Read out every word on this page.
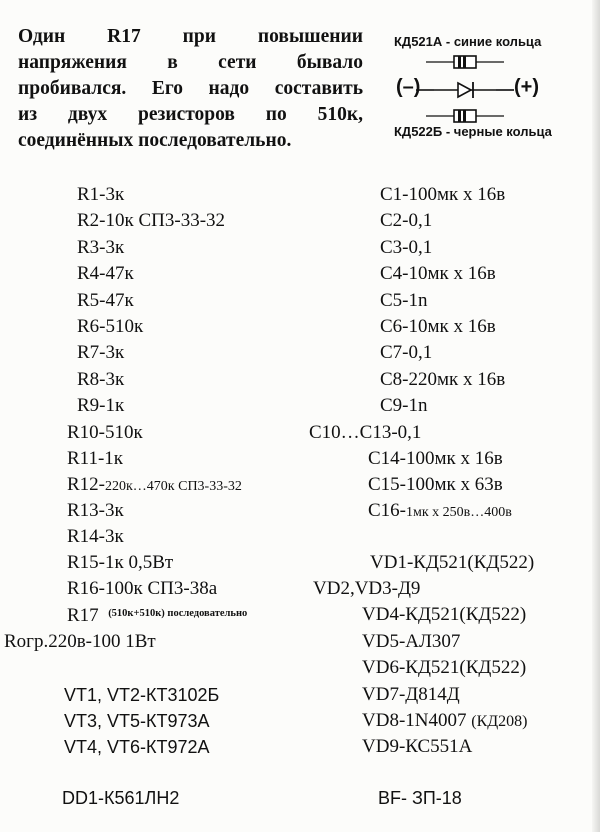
Один R17 при повышении
напряжения в сети бывало
пробивался. Его надо составить
из двух резисторов по 510к,
соединённых последовательно.
КД521А - синие кольца
(–)	(+)
КД522Б - черные кольца
R1-3к
R2-10к СП3-33-32
R3-3к
R4-47к
R5-47к
R6-510к
R7-3к
R8-3к
R9-1к
R10-510к
R11-1к
R12-220к…470к СП3-33-32
R13-3к
R14-3к
R15-1к 0,5Вт
R16-100к СП3-38а
R17 $^{(510к+510к) последовательно}$
Rогр.220в-100 1Вт
VT1, VT2-КТ3102Б
VT3, VT5-КТ973А
VT4, VT6-КТ972А
DD1-К561ЛН2
С1-100мк х 16в
С2-0,1
С3-0,1
С4-10мк х 16в
С5-1n
С6-10мк х 16в
С7-0,1
С8-220мк х 16в
С9-1n
С10…С13-0,1
С14-100мк х 16в
С15-100мк х 63в
С16-1мк х 250в…400в
VD1-КД521(КД522)
VD2,VD3-Д9
VD4-КД521(КД522)
VD5-АЛ307
VD6-КД521(КД522)
VD7-Д814Д
VD8-1N4007 (КД208)
VD9-КС551А
BF- ЗП-18
